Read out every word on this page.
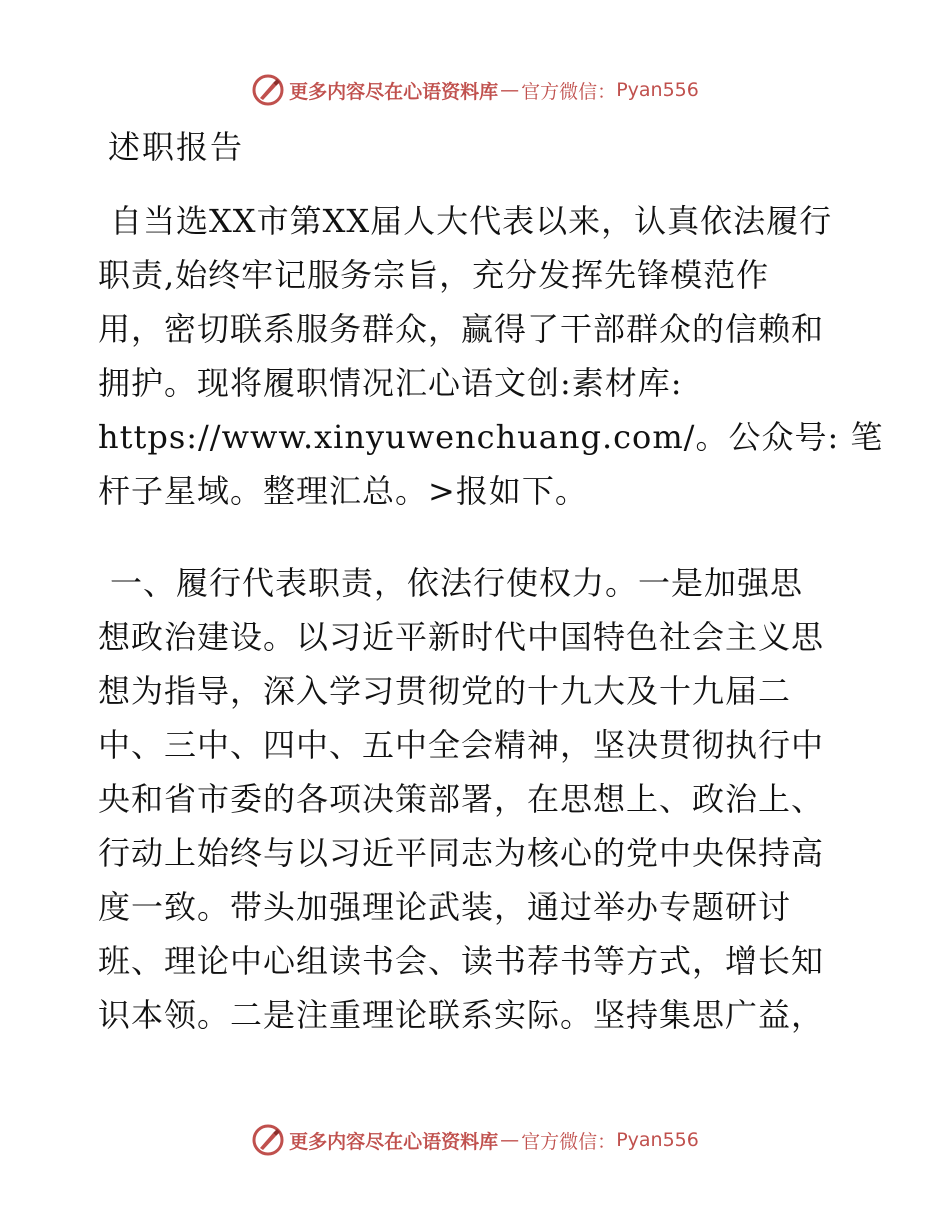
更多内容尽在心语资料库 — 官方微信： Pyan556
述职报告

自当选XX市第XX届人大代表以来，认真依法履行
职责,始终牢记服务宗旨，充分发挥先锋模范作
用，密切联系服务群众，赢得了干部群众的信赖和
拥护。现将履职情况汇心语文创:素材库:
https://www.xinyuwenchuang.com/。公众号: 笔
杆子星域。整理汇总。>报如下。

一、履行代表职责，依法行使权力。一是加强思
想政治建设。以习近平新时代中国特色社会主义思
想为指导，深入学习贯彻党的十九大及十九届二
中、三中、四中、五中全会精神，坚决贯彻执行中
央和省市委的各项决策部署，在思想上、政治上、
行动上始终与以习近平同志为核心的党中央保持高
度一致。带头加强理论武装，通过举办专题研讨
班、理论中心组读书会、读书荐书等方式，增长知
识本领。二是注重理论联系实际。坚持集思广益，

更多内容尽在心语资料库 — 官方微信： Pyan556
